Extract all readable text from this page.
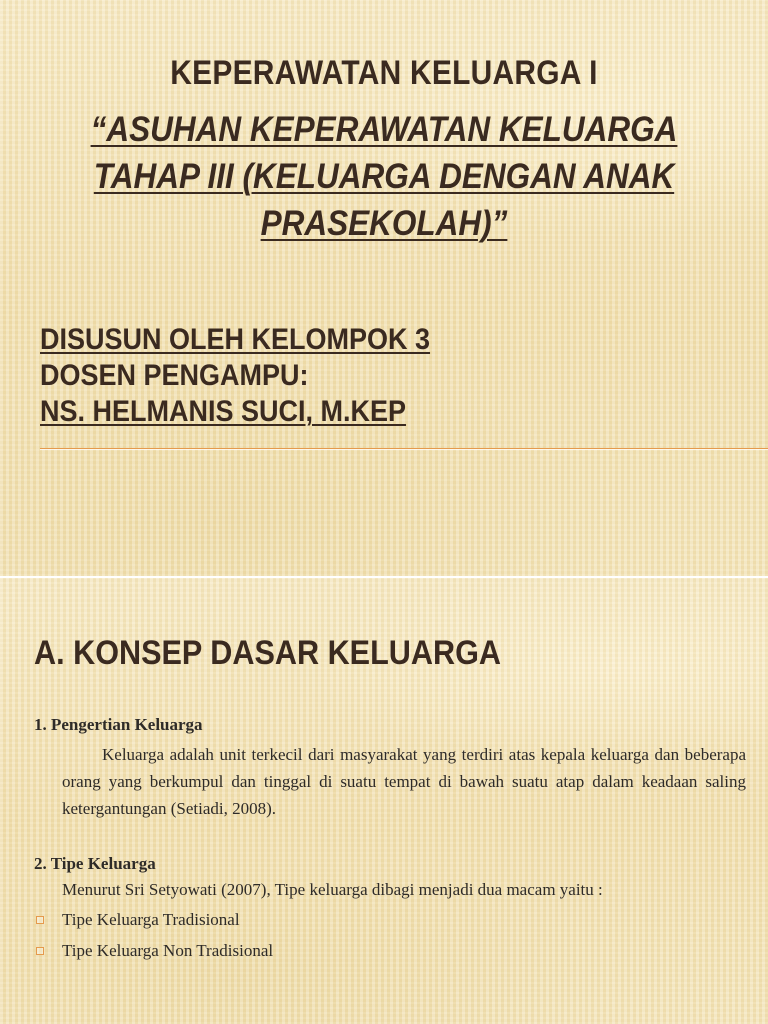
KEPERAWATAN KELUARGA I
“ASUHAN KEPERAWATAN KELUARGA
TAHAP III (KELUARGA DENGAN ANAK
PRASEKOLAH)”
DISUSUN OLEH KELOMPOK 3
DOSEN PENGAMPU:
NS. HELMANIS SUCI, M.KEP
A. KONSEP DASAR KELUARGA
1. Pengertian Keluarga
Keluarga adalah unit terkecil dari masyarakat yang terdiri atas kepala keluarga dan beberapa orang yang berkumpul dan tinggal di suatu tempat di bawah suatu atap dalam keadaan saling ketergantungan (Setiadi, 2008).
2. Tipe Keluarga
Menurut Sri Setyowati (2007), Tipe keluarga dibagi menjadi dua macam yaitu :
Tipe Keluarga Tradisional
Tipe Keluarga Non Tradisional
